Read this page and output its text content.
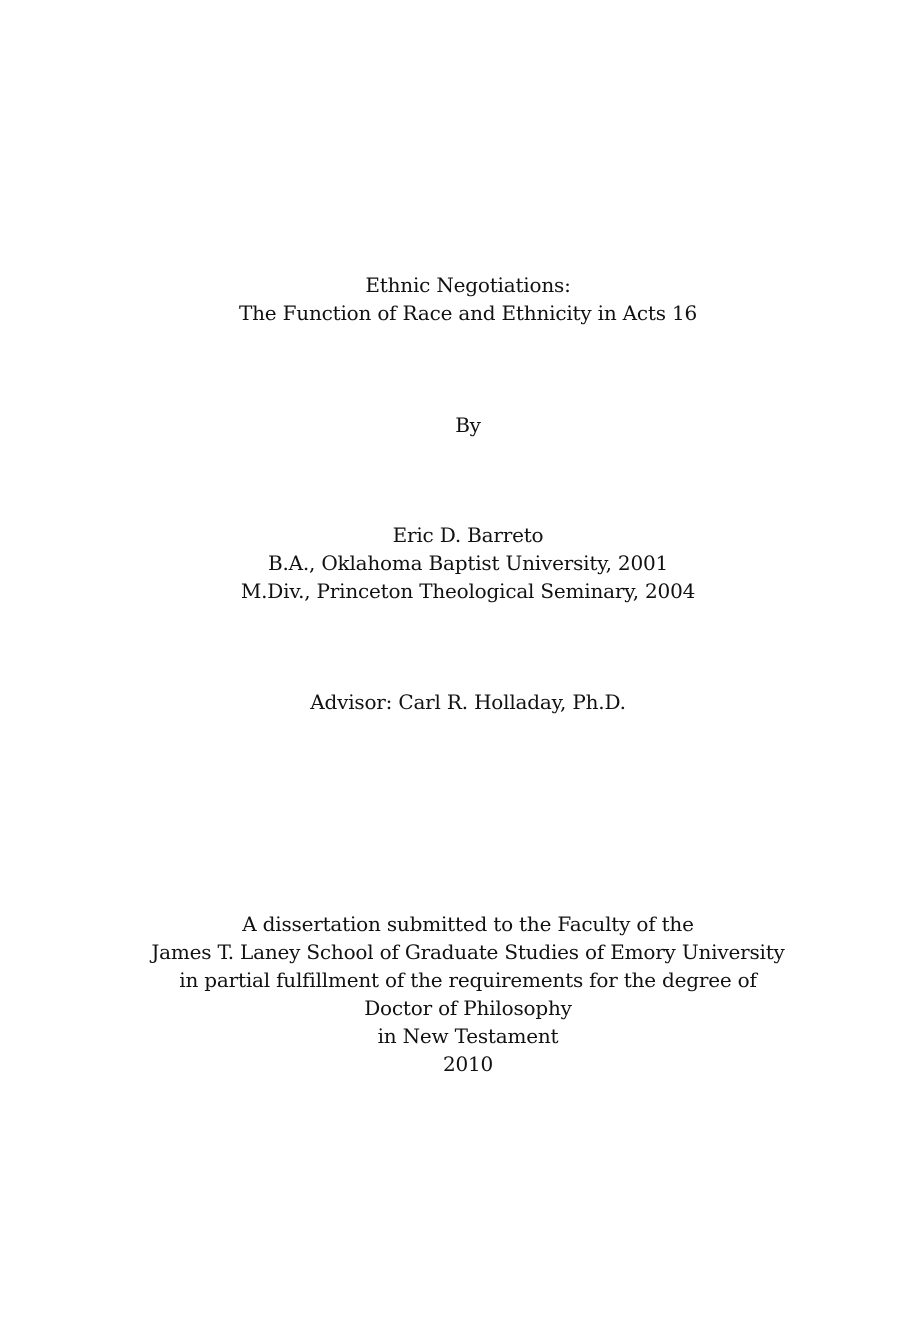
Ethnic Negotiations:
The Function of Race and Ethnicity in Acts 16
By
Eric D. Barreto
B.A., Oklahoma Baptist University, 2001
M.Div., Princeton Theological Seminary, 2004
Advisor: Carl R. Holladay, Ph.D.
A dissertation submitted to the Faculty of the
James T. Laney School of Graduate Studies of Emory University
in partial fulfillment of the requirements for the degree of
Doctor of Philosophy
in New Testament
2010
